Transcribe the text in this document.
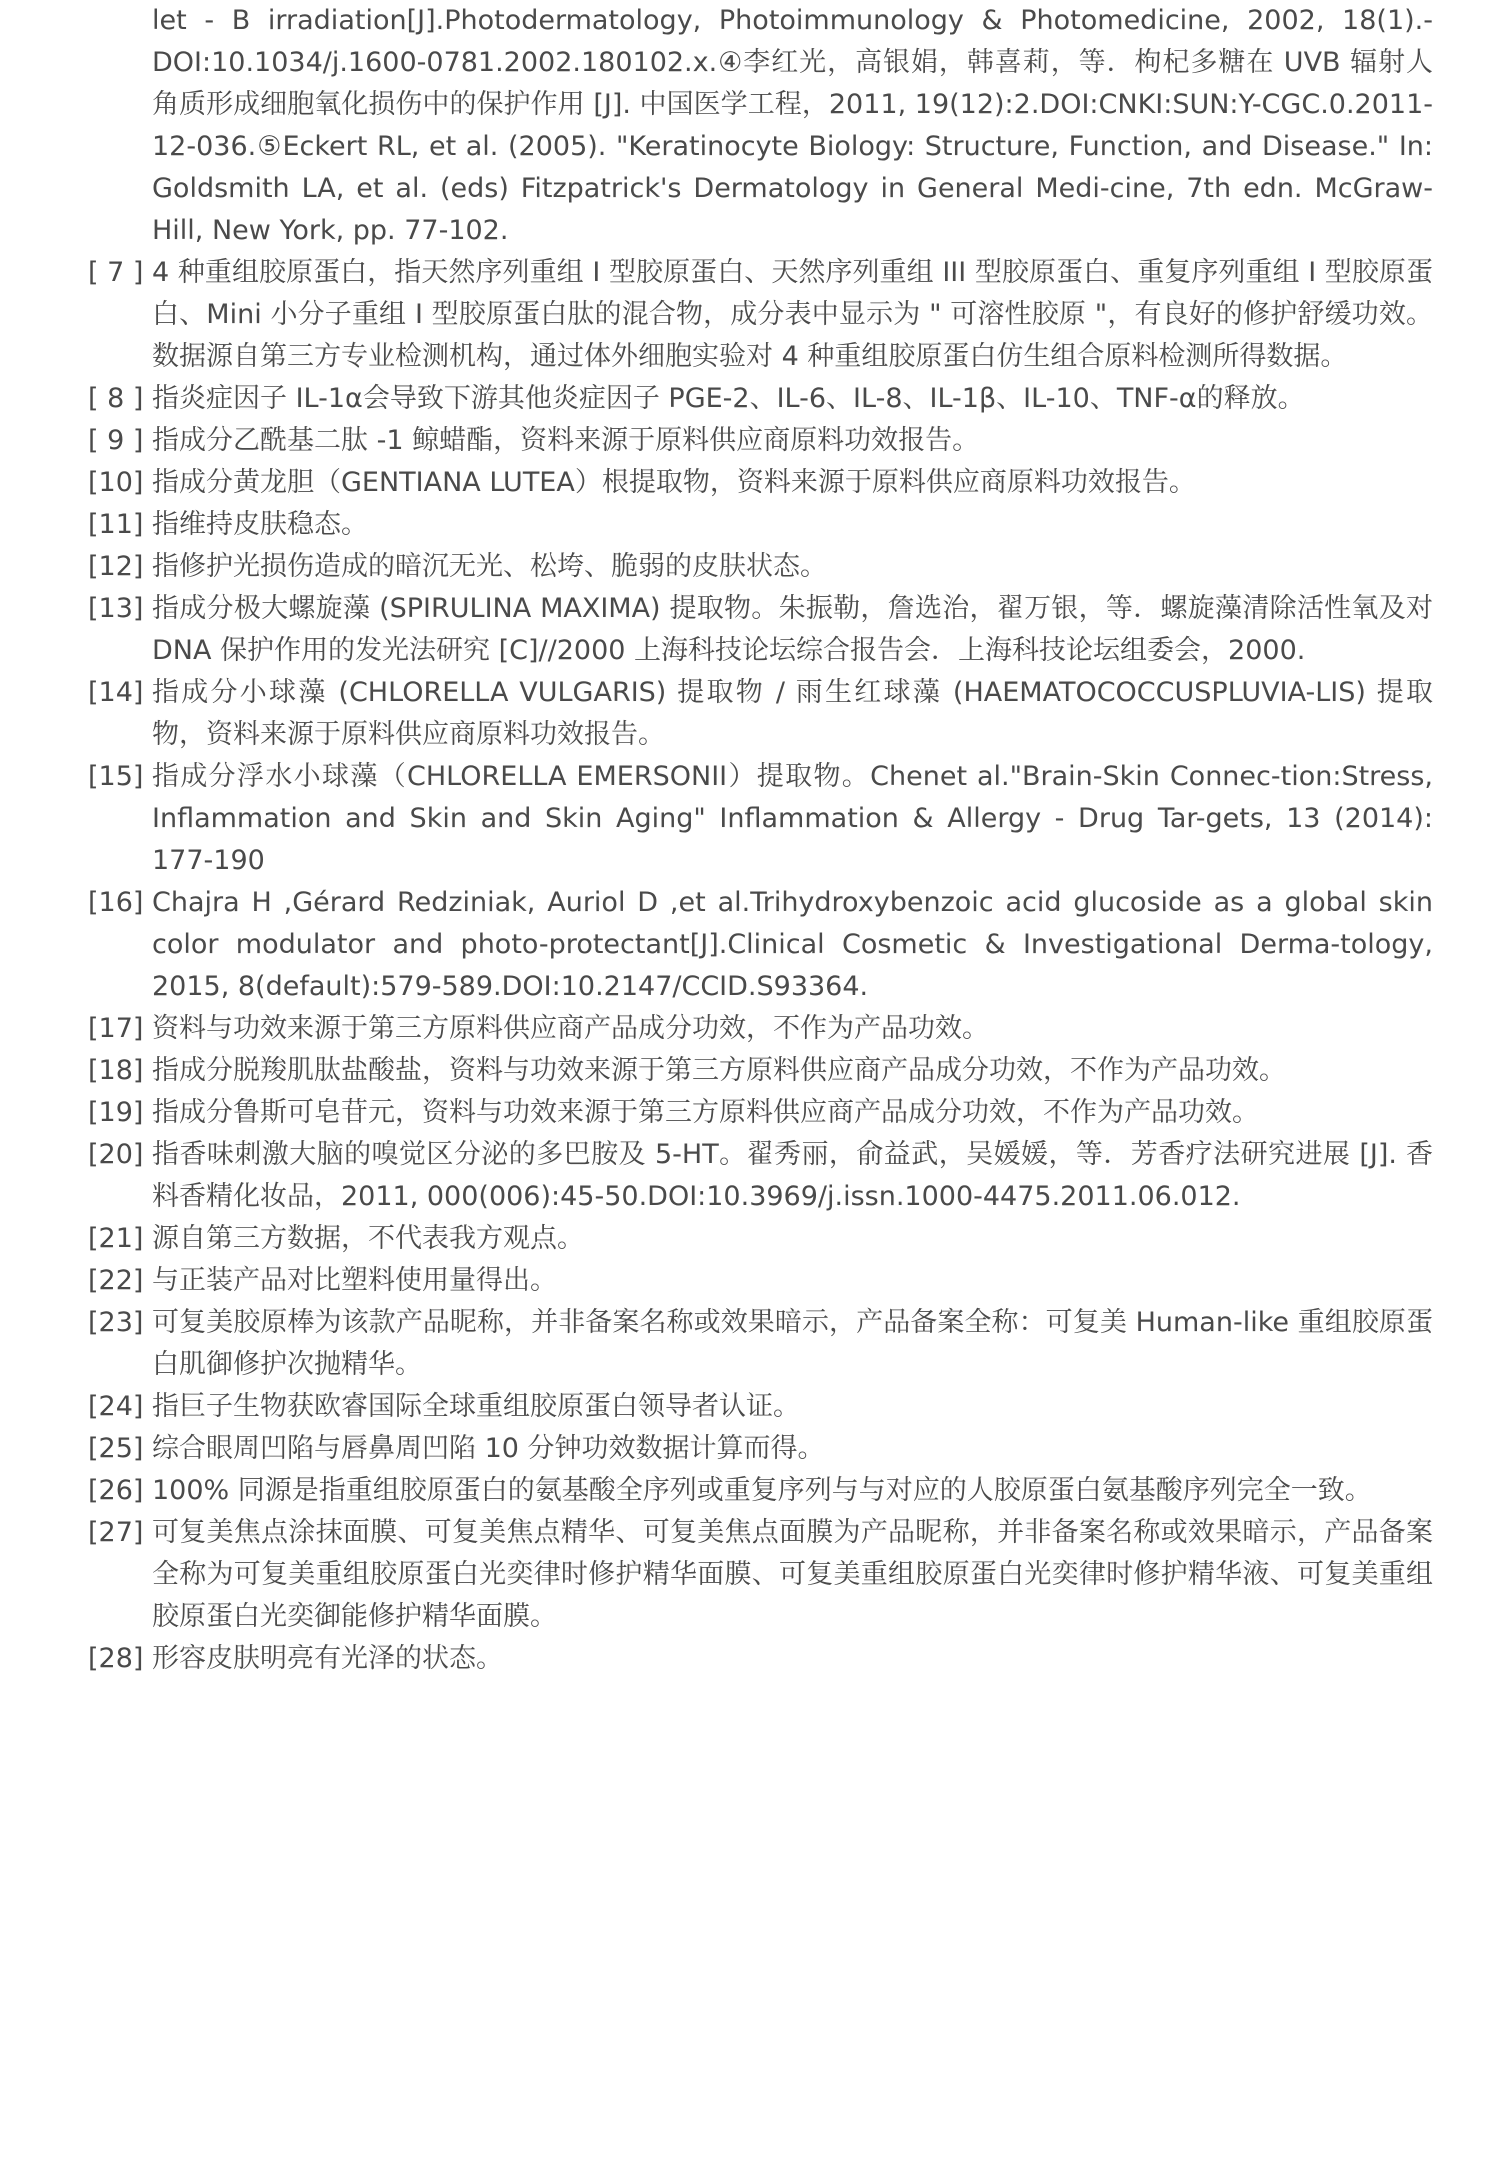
let - B irradiation[J].Photodermatology, Photoimmunology & Photomedicine, 2002, 18(1).-DOI:10.1034/j.1600-0781.2002.180102.x.④李红光，高银娟，韩喜莉，等．枸杞多糖在 UVB 辐射人角质形成细胞氧化损伤中的保护作用 [J]. 中国医学工程，2011, 19(12):2.DOI:CNKI:SUN:Y-CGC.0.2011-12-036.⑤Eckert RL, et al. (2005). "Keratinocyte Biology: Structure, Function, and Disease." In: Goldsmith LA, et al. (eds) Fitzpatrick's Dermatology in General Medi-cine, 7th edn. McGraw-Hill, New York, pp. 77-102.
[ 7 ] 4 种重组胶原蛋白，指天然序列重组 I 型胶原蛋白、天然序列重组 III 型胶原蛋白、重复序列重组 I 型胶原蛋白、Mini 小分子重组 I 型胶原蛋白肽的混合物，成分表中显示为 " 可溶性胶原 "，有良好的修护舒缓功效。数据源自第三方专业检测机构，通过体外细胞实验对 4 种重组胶原蛋白仿生组合原料检测所得数据。
[ 8 ] 指炎症因子 IL-1α会导致下游其他炎症因子 PGE-2、IL-6、IL-8、IL-1β、IL-10、TNF-α的释放。
[ 9 ] 指成分乙酰基二肽 -1 鲸蜡酯，资料来源于原料供应商原料功效报告。
[10] 指成分黄龙胆（GENTIANA LUTEA）根提取物，资料来源于原料供应商原料功效报告。
[11] 指维持皮肤稳态。
[12] 指修护光损伤造成的暗沉无光、松垮、脆弱的皮肤状态。
[13] 指成分极大螺旋藻 (SPIRULINA MAXIMA) 提取物。朱振勒，詹选治，翟万银，等．螺旋藻清除活性氧及对 DNA 保护作用的发光法研究 [C]//2000 上海科技论坛综合报告会．上海科技论坛组委会，2000.
[14] 指成分小球藻 (CHLORELLA VULGARIS) 提取物 / 雨生红球藻 (HAEMATOCOCCUSPLUVIA-LIS) 提取物，资料来源于原料供应商原料功效报告。
[15] 指成分浮水小球藻（CHLORELLA EMERSONII）提取物。Chenet al."Brain-Skin Connec-tion:Stress, Inflammation and Skin and Skin Aging" Inflammation & Allergy - Drug Tar-gets, 13 (2014): 177-190
[16] Chajra H ,Gérard Redziniak, Auriol D ,et al.Trihydroxybenzoic acid glucoside as a global skin color modulator and photo-protectant[J].Clinical Cosmetic & Investigational Derma-tology, 2015, 8(default):579-589.DOI:10.2147/CCID.S93364.
[17] 资料与功效来源于第三方原料供应商产品成分功效，不作为产品功效。
[18] 指成分脱羧肌肽盐酸盐，资料与功效来源于第三方原料供应商产品成分功效，不作为产品功效。
[19] 指成分鲁斯可皂苷元，资料与功效来源于第三方原料供应商产品成分功效，不作为产品功效。
[20] 指香味刺激大脑的嗅觉区分泌的多巴胺及 5-HT。翟秀丽，俞益武，吴媛媛，等．芳香疗法研究进展 [J]. 香料香精化妆品，2011, 000(006):45-50.DOI:10.3969/j.issn.1000-4475.2011.06.012.
[21] 源自第三方数据，不代表我方观点。
[22] 与正装产品对比塑料使用量得出。
[23] 可复美胶原棒为该款产品昵称，并非备案名称或效果暗示，产品备案全称：可复美 Human-like 重组胶原蛋白肌御修护次抛精华。
[24] 指巨子生物获欧睿国际全球重组胶原蛋白领导者认证。
[25] 综合眼周凹陷与唇鼻周凹陷 10 分钟功效数据计算而得。
[26] 100% 同源是指重组胶原蛋白的氨基酸全序列或重复序列与与对应的人胶原蛋白氨基酸序列完全一致。
[27] 可复美焦点涂抹面膜、可复美焦点精华、可复美焦点面膜为产品昵称，并非备案名称或效果暗示，产品备案全称为可复美重组胶原蛋白光奕律时修护精华面膜、可复美重组胶原蛋白光奕律时修护精华液、可复美重组胶原蛋白光奕御能修护精华面膜。
[28] 形容皮肤明亮有光泽的状态。
